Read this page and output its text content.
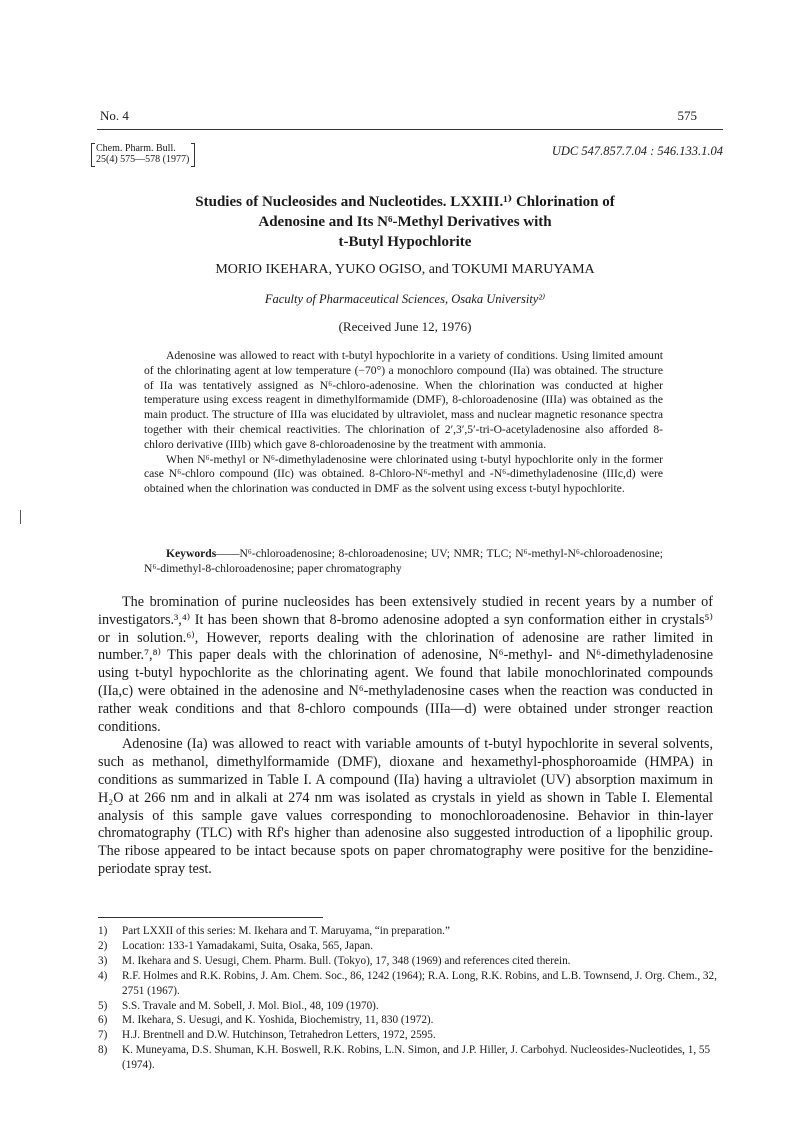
No. 4	575
Chem. Pharm. Bull.
25(4) 575—578 (1977)
UDC 547.857.7.04 : 546.133.1.04
Studies of Nucleosides and Nucleotides. LXXIII.¹⁾ Chlorination of
Adenosine and Its N⁶-Methyl Derivatives with
t-Butyl Hypochlorite
MORIO IKEHARA, YUKO OGISO, and TOKUMI MARUYAMA
Faculty of Pharmaceutical Sciences, Osaka University²⁾
(Received June 12, 1976)

Adenosine was allowed to react with t-butyl hypochlorite in a variety of conditions. Using limited amount of the chlorinating agent at low temperature (−70°) a monochloro compound (IIa) was obtained. The structure of IIa was tentatively assigned as N⁶-chloro-adenosine. When the chlorination was conducted at higher temperature using excess reagent in dimethylformamide (DMF), 8-chloroadenosine (IIIa) was obtained as the main product. The structure of IIIa was elucidated by ultraviolet, mass and nuclear magnetic resonance spectra together with their chemical reactivities. The chlorination of 2′,3′,5′-tri-O-acetyladenosine also afforded 8-chloro derivative (IIIb) which gave 8-chloroadenosine by the treatment with ammonia.

When N⁶-methyl or N⁶-dimethyladenosine were chlorinated using t-butyl hypochlorite only in the former case N⁶-chloro compound (IIc) was obtained. 8-Chloro-N⁶-methyl and -N⁶-dimethyladenosine (IIIc,d) were obtained when the chlorination was conducted in DMF as the solvent using excess t-butyl hypochlorite.

Keywords——N⁶-chloroadenosine; 8-chloroadenosine; UV; NMR; TLC; N⁶-methyl-N⁶-chloroadenosine; N⁶-dimethyl-8-chloroadenosine; paper chromatography

The bromination of purine nucleosides has been extensively studied in recent years by a number of investigators.³,⁴⁾ It has been shown that 8-bromo adenosine adopted a syn conformation either in crystals⁵⁾ or in solution.⁶⁾, However, reports dealing with the chlorination of adenosine are rather limited in number.⁷,⁸⁾ This paper deals with the chlorination of adenosine, N⁶-methyl- and N⁶-dimethyladenosine using t-butyl hypochlorite as the chlorinating agent. We found that labile monochlorinated compounds (IIa,c) were obtained in the adenosine and N⁶-methyladenosine cases when the reaction was conducted in rather weak conditions and that 8-chloro compounds (IIIa—d) were obtained under stronger reaction conditions.

Adenosine (Ia) was allowed to react with variable amounts of t-butyl hypochlorite in several solvents, such as methanol, dimethylformamide (DMF), dioxane and hexamethyl-phosphoroamide (HMPA) in conditions as summarized in Table I. A compound (IIa) having a ultraviolet (UV) absorption maximum in H₂O at 266 nm and in alkali at 274 nm was isolated as crystals in yield as shown in Table I. Elemental analysis of this sample gave values corresponding to monochloroadenosine. Behavior in thin-layer chromatography (TLC) with Rf's higher than adenosine also suggested introduction of a lipophilic group. The ribose appeared to be intact because spots on paper chromatography were positive for the benzidine-periodate spray test.

1) Part LXXII of this series: M. Ikehara and T. Maruyama, “in preparation.”
2) Location: 133-1 Yamadakami, Suita, Osaka, 565, Japan.
3) M. Ikehara and S. Uesugi, Chem. Pharm. Bull. (Tokyo), 17, 348 (1969) and references cited therein.
4) R.F. Holmes and R.K. Robins, J. Am. Chem. Soc., 86, 1242 (1964); R.A. Long, R.K. Robins, and L.B. Townsend, J. Org. Chem., 32, 2751 (1967).
5) S.S. Travale and M. Sobell, J. Mol. Biol., 48, 109 (1970).
6) M. Ikehara, S. Uesugi, and K. Yoshida, Biochemistry, 11, 830 (1972).
7) H.J. Brentnell and D.W. Hutchinson, Tetrahedron Letters, 1972, 2595.
8) K. Muneyama, D.S. Shuman, K.H. Boswell, R.K. Robins, L.N. Simon, and J.P. Hiller, J. Carbohyd. Nucleosides-Nucleotides, 1, 55 (1974).
